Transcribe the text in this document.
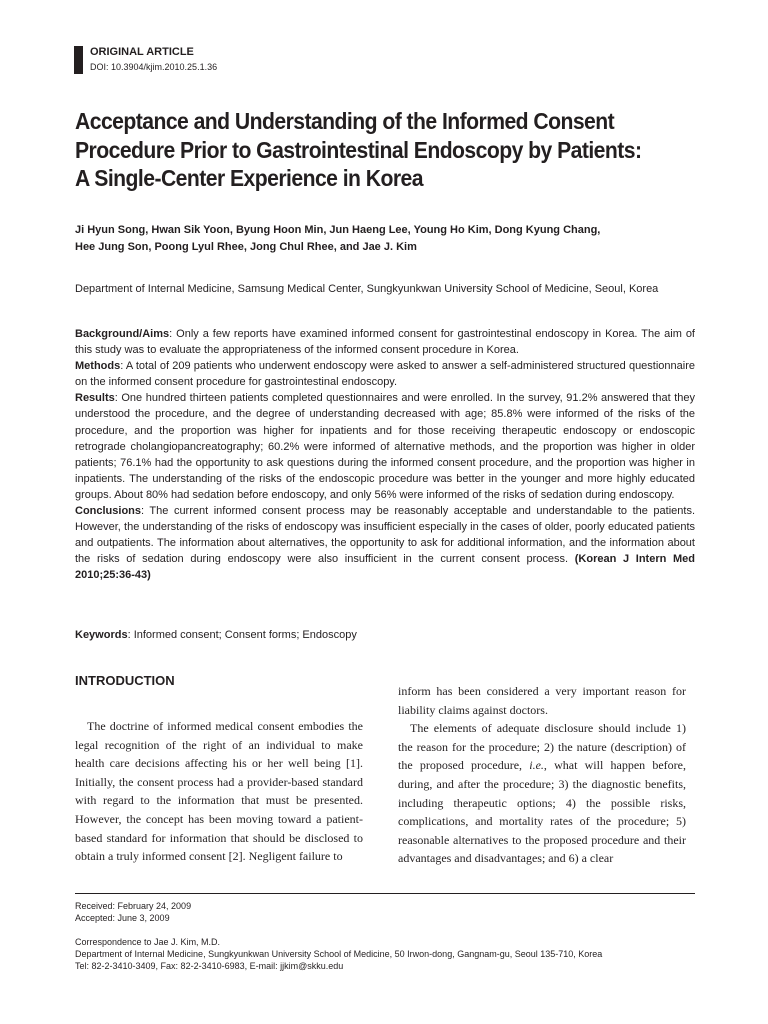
ORIGINAL ARTICLE
DOI: 10.3904/kjim.2010.25.1.36
Acceptance and Understanding of the Informed Consent
Procedure Prior to Gastrointestinal Endoscopy by Patients:
A Single-Center Experience in Korea
Ji Hyun Song, Hwan Sik Yoon, Byung Hoon Min, Jun Haeng Lee, Young Ho Kim, Dong Kyung Chang,
Hee Jung Son, Poong Lyul Rhee, Jong Chul Rhee, and Jae J. Kim
Department of Internal Medicine, Samsung Medical Center, Sungkyunkwan University School of Medicine, Seoul, Korea

Background/Aims: Only a few reports have examined informed consent for gastrointestinal endoscopy in Korea. The aim of this study was to evaluate the appropriateness of the informed consent procedure in Korea.

Methods: A total of 209 patients who underwent endoscopy were asked to answer a self-administered structured questionnaire on the informed consent procedure for gastrointestinal endoscopy.

Results: One hundred thirteen patients completed questionnaires and were enrolled. In the survey, 91.2% answered that they understood the procedure, and the degree of understanding decreased with age; 85.8% were informed of the risks of the procedure, and the proportion was higher for inpatients and for those receiving therapeutic endoscopy or endoscopic retrograde cholangiopancreatography; 60.2% were informed of alternative methods, and the proportion was higher in older patients; 76.1% had the opportunity to ask questions during the informed consent procedure, and the proportion was higher in inpatients. The understanding of the risks of the endoscopic procedure was better in the younger and more highly educated groups. About 80% had sedation before endoscopy, and only 56% were informed of the risks of sedation during endoscopy.

Conclusions: The current informed consent process may be reasonably acceptable and understandable to the patients. However, the understanding of the risks of endoscopy was insufficient especially in the cases of older, poorly educated patients and outpatients. The information about alternatives, the opportunity to ask for additional information, and the information about the risks of sedation during endoscopy were also insufficient in the current consent process. (Korean J Intern Med 2010;25:36-43)

Keywords: Informed consent; Consent forms; Endoscopy
INTRODUCTION

The doctrine of informed medical consent embodies the legal recognition of the right of an individual to make health care decisions affecting his or her well being [1]. Initially, the consent process had a provider-based standard with regard to the information that must be presented. However, the concept has been moving toward a patient-based standard for information that should be disclosed to obtain a truly informed consent [2]. Negligent failure to

inform has been considered a very important reason for liability claims against doctors.

The elements of adequate disclosure should include 1) the reason for the procedure; 2) the nature (description) of the proposed procedure, i.e., what will happen before, during, and after the procedure; 3) the diagnostic benefits, including therapeutic options; 4) the possible risks, complications, and mortality rates of the procedure; 5) reasonable alternatives to the proposed procedure and their advantages and disadvantages; and 6) a clear

Received: February 24, 2009
Accepted: June 3, 2009
Correspondence to Jae J. Kim, M.D.
Department of Internal Medicine, Sungkyunkwan University School of Medicine, 50 Irwon-dong, Gangnam-gu, Seoul 135-710, Korea
Tel: 82-2-3410-3409, Fax: 82-2-3410-6983, E-mail: jjkim@skku.edu
